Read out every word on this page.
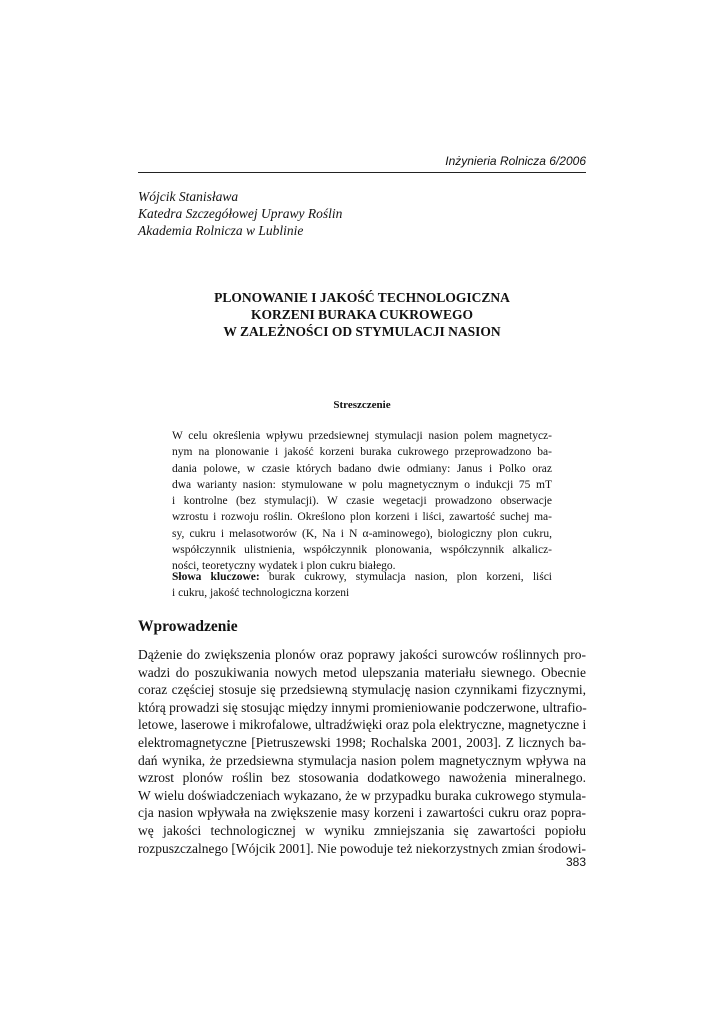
Inżynieria Rolnicza 6/2006
Wójcik Stanisława
Katedra Szczegółowej Uprawy Roślin
Akademia Rolnicza w Lublinie
PLONOWANIE I JAKOŚĆ TECHNOLOGICZNA
KORZENI BURAKA CUKROWEGO
W ZALEŻNOŚCI OD STYMULACJI NASION
Streszczenie
W celu określenia wpływu przedsiewnej stymulacji nasion polem magnetycz-
nym na plonowanie i jakość korzeni buraka cukrowego przeprowadzono ba-
dania polowe, w czasie których badano dwie odmiany: Janus i Polko oraz
dwa warianty nasion: stymulowane w polu magnetycznym o indukcji 75 mT
i kontrolne (bez stymulacji). W czasie wegetacji prowadzono obserwacje
wzrostu i rozwoju roślin. Określono plon korzeni i liści, zawartość suchej ma-
sy, cukru i melasotworów (K, Na i N α-aminowego), biologiczny plon cukru,
współczynnik ulistnienia, współczynnik plonowania, współczynnik alkalicz-
ności, teoretyczny wydatek i plon cukru białego.
Słowa kluczowe: burak cukrowy, stymulacja nasion, plon korzeni, liści
i cukru, jakość technologiczna korzeni
Wprowadzenie
Dążenie do zwiększenia plonów oraz poprawy jakości surowców roślinnych pro-
wadzi do poszukiwania nowych metod ulepszania materiału siewnego. Obecnie
coraz częściej stosuje się przedsiewną stymulację nasion czynnikami fizycznymi,
którą prowadzi się stosując między innymi promieniowanie podczerwone, ultrafio-
letowe, laserowe i mikrofalowe, ultradźwięki oraz pola elektryczne, magnetyczne i
elektromagnetyczne [Pietruszewski 1998; Rochalska 2001, 2003]. Z licznych ba-
dań wynika, że przedsiewna stymulacja nasion polem magnetycznym wpływa na
wzrost plonów roślin bez stosowania dodatkowego nawożenia mineralnego.
W wielu doświadczeniach wykazano, że w przypadku buraka cukrowego stymula-
cja nasion wpływała na zwiększenie masy korzeni i zawartości cukru oraz popra-
wę jakości technologicznej w wyniku zmniejszania się zawartości popiołu
rozpuszczalnego [Wójcik 2001]. Nie powoduje też niekorzystnych zmian środowi-
383
